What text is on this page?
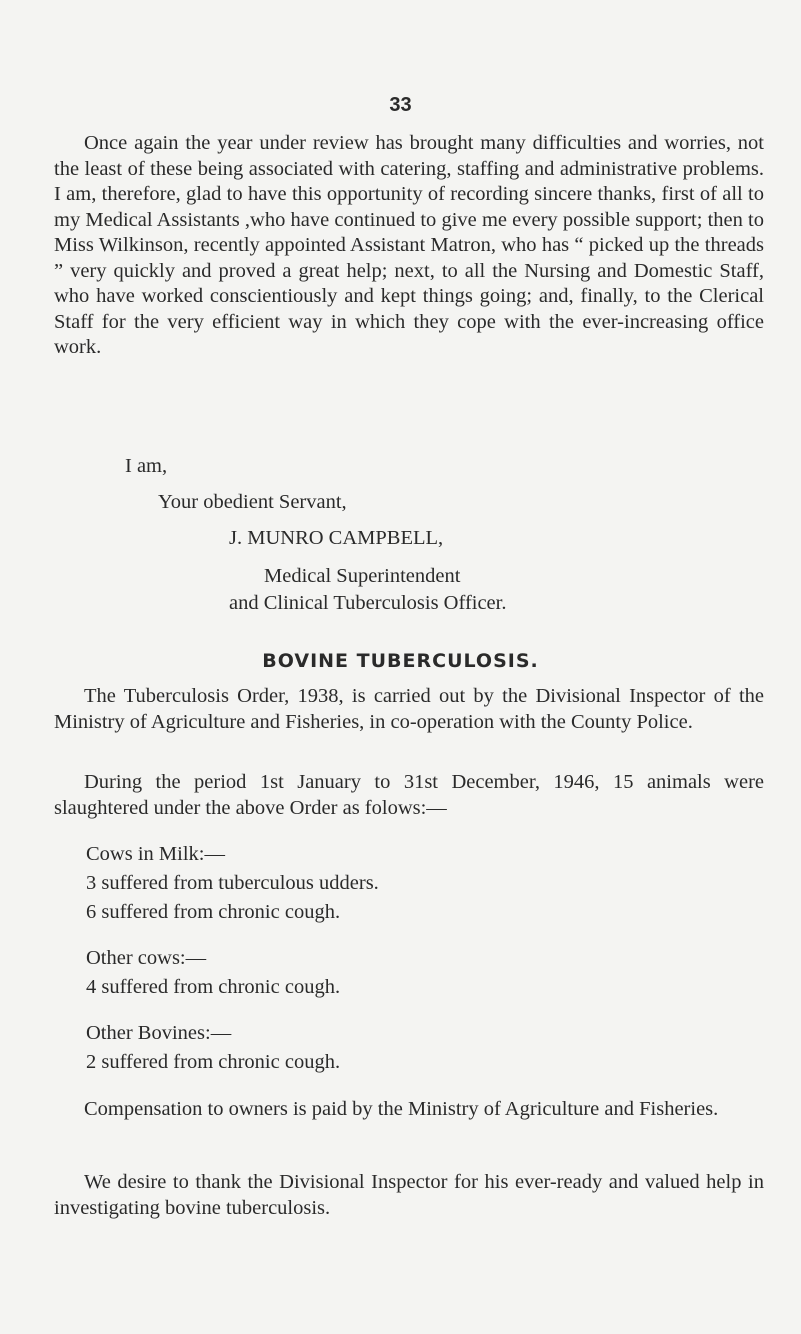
33

Once again the year under review has brought many difficulties and worries, not the least of these being associated with catering, staffing and administrative problems. I am, therefore, glad to have this opportunity of recording sincere thanks, first of all to my Medical Assistants ,who have continued to give me every possible support; then to Miss Wilkinson, recently appointed Assistant Matron, who has “ picked up the threads ” very quickly and proved a great help; next, to all the Nursing and Domestic Staff, who have worked conscientiously and kept things going; and, finally, to the Clerical Staff for the very efficient way in which they cope with the ever-increasing office work.

I am,
Your obedient Servant,
J. MUNRO CAMPBELL,
Medical Superintendent
and Clinical Tuberculosis Officer.
BOVINE TUBERCULOSIS.

The Tuberculosis Order, 1938, is carried out by the Divisional Inspector of the Ministry of Agriculture and Fisheries, in co-operation with the County Police.

During the period 1st January to 31st December, 1946, 15 animals were slaughtered under the above Order as folows:—

Cows in Milk:—
3 suffered from tuberculous udders.
6 suffered from chronic cough.
Other cows:—
4 suffered from chronic cough.
Other Bovines:—
2 suffered from chronic cough.

Compensation to owners is paid by the Ministry of Agriculture and Fisheries.

We desire to thank the Divisional Inspector for his ever-ready and valued help in investigating bovine tuberculosis.
